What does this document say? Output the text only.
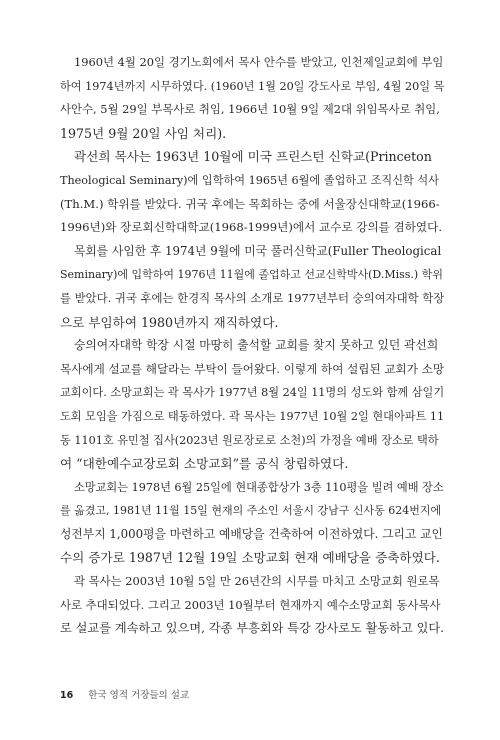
1960년 4월 20일 경기노회에서 목사 안수를 받았고, 인천제일교회에 부임
하여 1974년까지 시무하였다. (1960년 1월 20일 강도사로 부임, 4월 20일 목
사안수, 5월 29일 부목사로 취임, 1966년 10월 9일 제2대 위임목사로 취임,
1975년 9월 20일 사임 처리).
곽선희 목사는 1963년 10월에 미국 프린스턴 신학교(Princeton
Theological Seminary)에 입학하여 1965년 6월에 졸업하고 조직신학 석사
(Th.M.) 학위를 받았다. 귀국 후에는 목회하는 중에 서울장신대학교(1966-
1996년)와 장로회신학대학교(1968-1999년)에서 교수로 강의를 겸하였다.
목회를 사임한 후 1974년 9월에 미국 풀러신학교(Fuller Theological
Seminary)에 입학하여 1976년 11월에 졸업하고 선교신학박사(D.Miss.) 학위
를 받았다. 귀국 후에는 한경직 목사의 소개로 1977년부터 숭의여자대학 학장
으로 부임하여 1980년까지 재직하였다.
숭의여자대학 학장 시절 마땅히 출석할 교회를 찾지 못하고 있던 곽선희
목사에게 설교를 해달라는 부탁이 들어왔다. 이렇게 하여 설립된 교회가 소망
교회이다. 소망교회는 곽 목사가 1977년 8월 24일 11명의 성도와 함께 삼일기
도회 모임을 가짐으로 태동하였다. 곽 목사는 1977년 10월 2일 현대아파트 11
동 1101호 유민철 집사(2023년 원로장로로 소천)의 가정을 예배 장소로 택하
여 “대한예수교장로회 소망교회”를 공식 창립하였다.
소망교회는 1978년 6월 25일에 현대종합상가 3층 110평을 빌려 예배 장소
를 옮겼고, 1981년 11월 15일 현재의 주소인 서울시 강남구 신사동 624번지에
성전부지 1,000평을 마련하고 예배당을 건축하여 이전하였다. 그리고 교인
수의 증가로 1987년 12월 19일 소망교회 현재 예배당을 증축하였다.
곽 목사는 2003년 10월 5일 만 26년간의 시무를 마치고 소망교회 원로목
사로 추대되었다. 그리고 2003년 10월부터 현재까지 예수소망교회 동사목사
로 설교를 계속하고 있으며, 각종 부흥회와 특강 강사로도 활동하고 있다.
16 한국 영적 거장들의 설교
